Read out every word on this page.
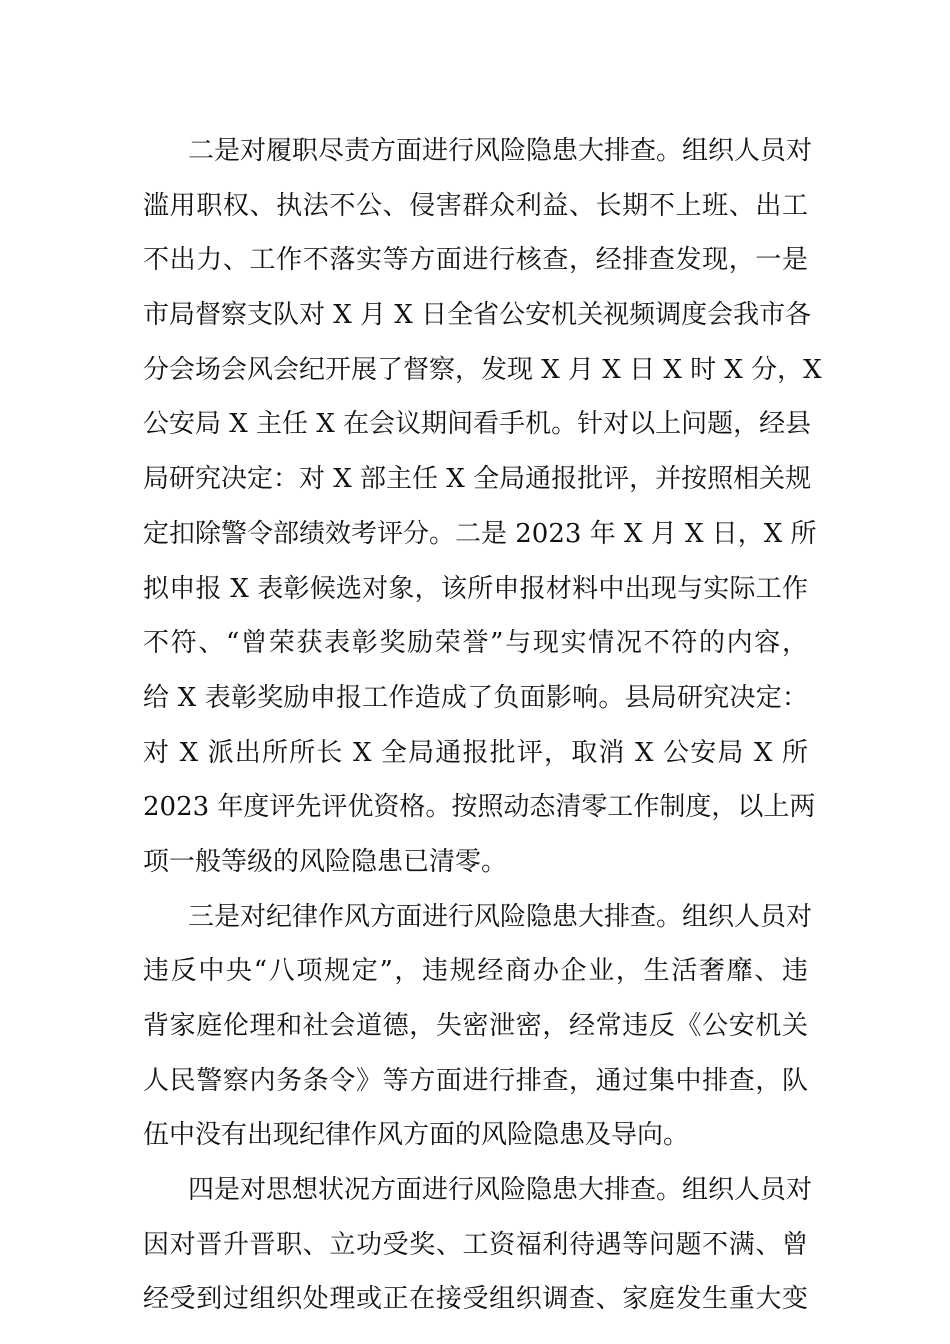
二是对履职尽责方面进行风险隐患大排查。组织人员对
滥用职权、执法不公、侵害群众利益、长期不上班、出工
不出力、工作不落实等方面进行核查，经排查发现，一是
市局督察支队对 X 月 X 日全省公安机关视频调度会我市各
分会场会风会纪开展了督察，发现 X 月 X 日 X 时 X 分，X
公安局 X 主任 X 在会议期间看手机。针对以上问题，经县
局研究决定：对 X 部主任 X 全局通报批评，并按照相关规
定扣除警令部绩效考评分。二是 2023 年 X 月 X 日，X 所
拟申报 X 表彰候选对象，该所申报材料中出现与实际工作
不符、“曾荣获表彰奖励荣誉”与现实情况不符的内容，
给 X 表彰奖励申报工作造成了负面影响。县局研究决定：
对 X 派出所所长 X 全局通报批评，取消 X 公安局 X 所
2023 年度评先评优资格。按照动态清零工作制度，以上两
项一般等级的风险隐患已清零。
三是对纪律作风方面进行风险隐患大排查。组织人员对
违反中央“八项规定”，违规经商办企业，生活奢靡、违
背家庭伦理和社会道德，失密泄密，经常违反《公安机关
人民警察内务条令》等方面进行排查，通过集中排查，队
伍中没有出现纪律作风方面的风险隐患及导向。
四是对思想状况方面进行风险隐患大排查。组织人员对
因对晋升晋职、立功受奖、工资福利待遇等问题不满、曾
经受到过组织处理或正在接受组织调查、家庭发生重大变
